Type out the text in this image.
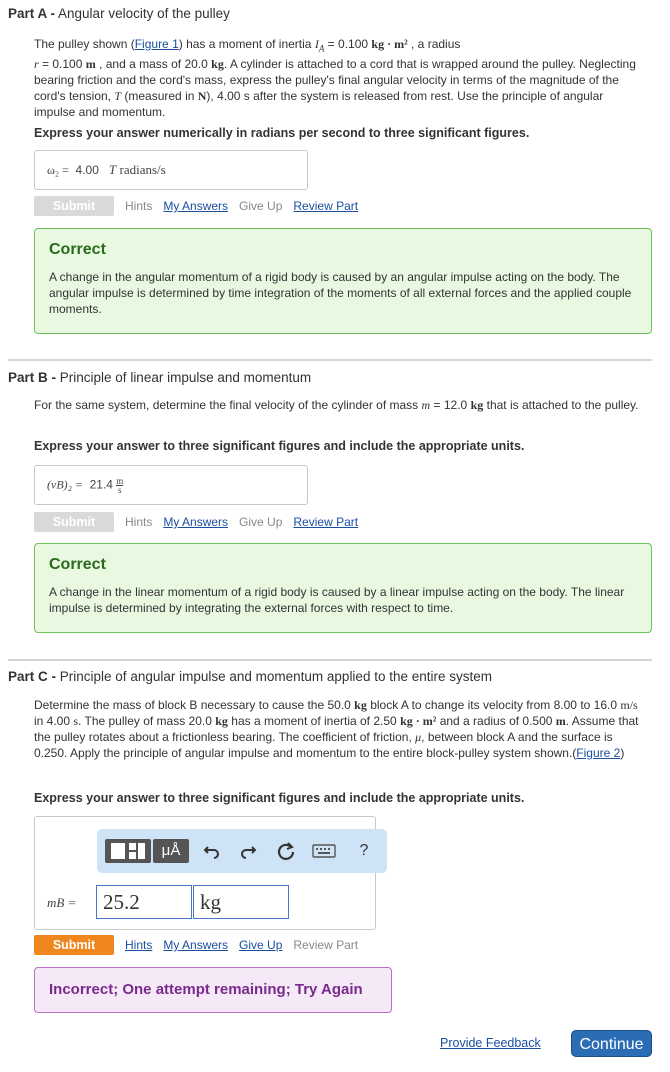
Part A - Angular velocity of the pulley
The pulley shown (Figure 1) has a moment of inertia $I_A = 0.100$ kg · m² , a radius
r = 0.100 m , and a mass of 20.0 kg. A cylinder is attached to a cord that is wrapped around the pulley. Neglecting bearing friction and the cord's mass, express the pulley's final angular velocity in terms of the magnitude of the cord's tension, T (measured in N), 4.00 s after the system is released from rest. Use the principle of angular impulse and momentum.
Express your answer numerically in radians per second to three significant figures.
ω₂ = 4.00 T radians/s
Submit	Hints My Answers Give Up Review Part
Correct
A change in the angular momentum of a rigid body is caused by an angular impulse acting on the body. The angular impulse is determined by time integration of the moments of all external forces and the applied couple moments.
Part B - Principle of linear impulse and momentum
For the same system, determine the final velocity of the cylinder of mass m = 12.0 kg that is attached to the pulley.
Express your answer to three significant figures and include the appropriate units.
$(vB)_2 = 21.4 \frac{m}{s}$
Submit	Hints My Answers Give Up Review Part
Correct
A change in the linear momentum of a rigid body is caused by a linear impulse acting on the body. The linear impulse is determined by integrating the external forces with respect to time.
Part C - Principle of angular impulse and momentum applied to the entire system
Determine the mass of block B necessary to cause the 50.0 kg block A to change its velocity from 8.00 to 16.0 m/s in 4.00 s. The pulley of mass 20.0 kg has a moment of inertia of 2.50 kg · m² and a radius of 0.500 m. Assume that the pulley rotates about a frictionless bearing. The coefficient of friction, μ, between block A and the surface is 0.250. Apply the principle of angular impulse and momentum to the entire block-pulley system shown.(Figure 2)
Express your answer to three significant figures and include the appropriate units.
μÅ	?
mB =	25.2	kg
Submit	Hints My Answers Give Up Review Part
Incorrect; One attempt remaining; Try Again
Provide Feedback	Continue
